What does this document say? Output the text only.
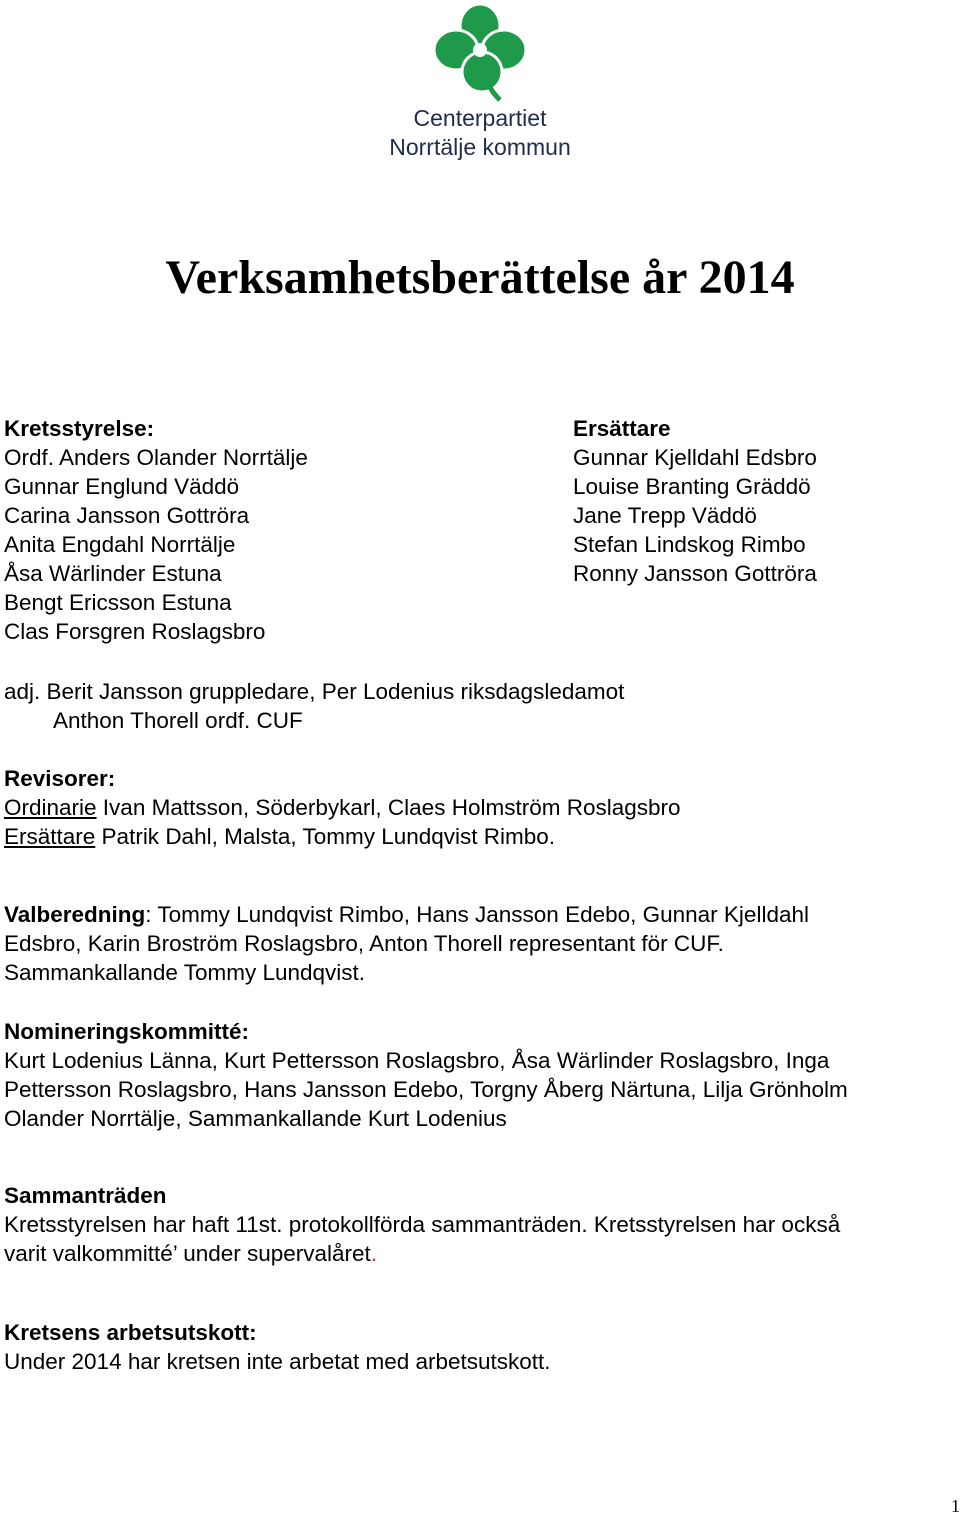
Centerpartiet
Norrtälje kommun
Verksamhetsberättelse år 2014
Kretsstyrelse:
Ordf. Anders Olander Norrtälje
Gunnar Englund Väddö
Carina Jansson Gottröra
Anita Engdahl Norrtälje
Åsa Wärlinder Estuna
Bengt Ericsson Estuna
Clas Forsgren Roslagsbro
Ersättare
Gunnar Kjelldahl Edsbro
Louise Branting Gräddö
Jane Trepp Väddö
Stefan Lindskog Rimbo
Ronny Jansson Gottröra
adj. Berit Jansson gruppledare, Per Lodenius riksdagsledamot
Anthon Thorell ordf. CUF
Revisorer:
Ordinarie Ivan Mattsson, Söderbykarl, Claes Holmström Roslagsbro
Ersättare Patrik Dahl, Malsta, Tommy Lundqvist Rimbo.
Valberedning: Tommy Lundqvist Rimbo, Hans Jansson Edebo, Gunnar Kjelldahl
Edsbro, Karin Broström Roslagsbro, Anton Thorell representant för CUF.
Sammankallande Tommy Lundqvist.
Nomineringskommitté:
Kurt Lodenius Länna, Kurt Pettersson Roslagsbro, Åsa Wärlinder Roslagsbro, Inga
Pettersson Roslagsbro, Hans Jansson Edebo, Torgny Åberg Närtuna, Lilja Grönholm
Olander Norrtälje, Sammankallande Kurt Lodenius
Sammanträden
Kretsstyrelsen har haft 11st. protokollförda sammanträden. Kretsstyrelsen har också
varit valkommitté’ under supervalåret.
Kretsens arbetsutskott:
Under 2014 har kretsen inte arbetat med arbetsutskott.
1
